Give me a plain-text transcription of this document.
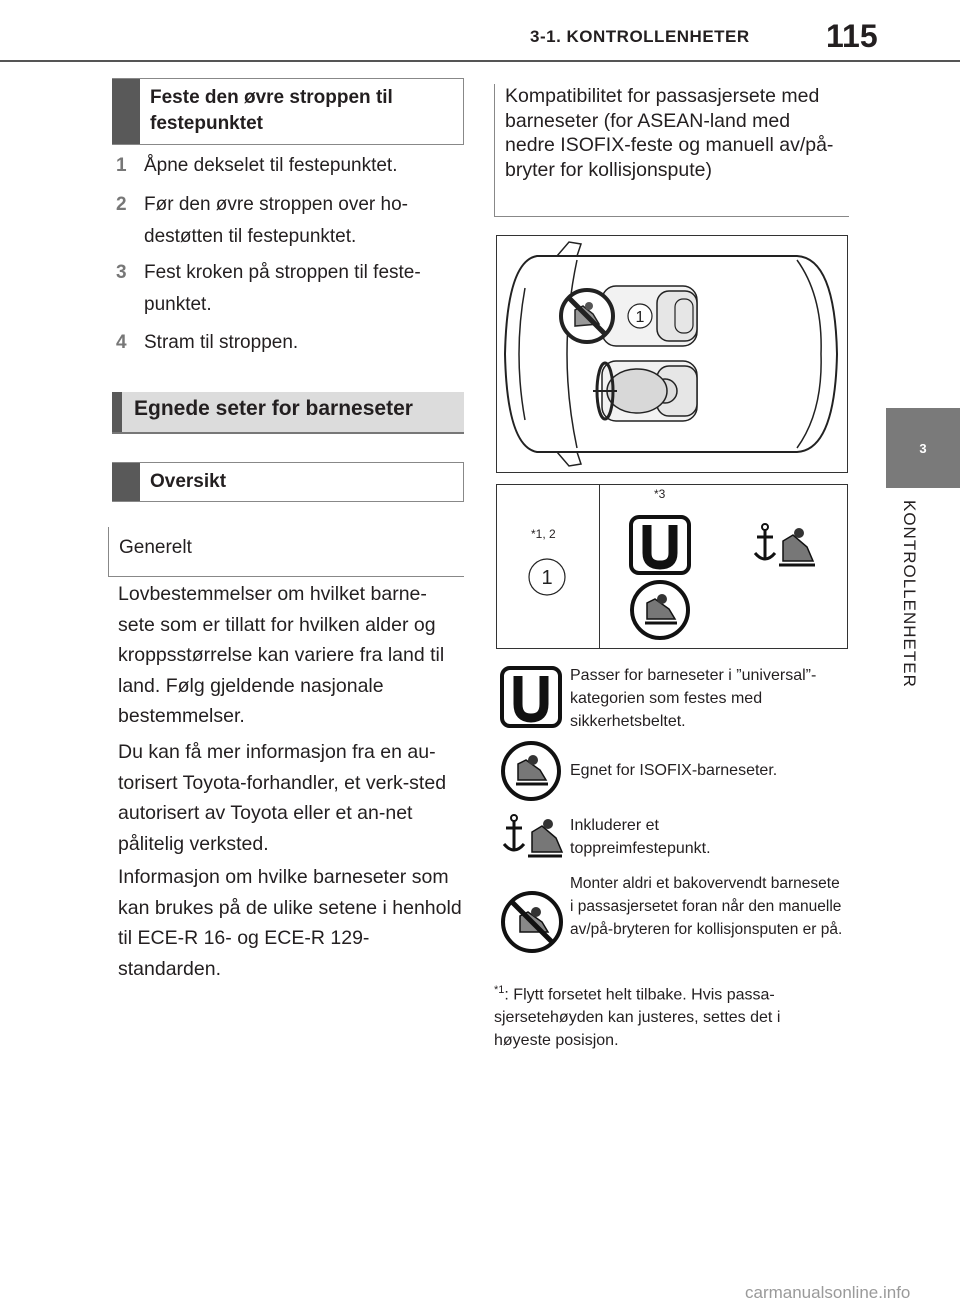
3-1. KONTROLLENHETER 115
3
KONTROLLENHETER
Feste den øvre stroppen til festepunktet
1 Åpne dekselet til festepunktet.
2 Før den øvre stroppen over ho-destøtten til festepunktet.
3 Fest kroken på stroppen til feste-punktet.
4 Stram til stroppen.
Egnede seter for barneseter
Oversikt
Generelt
Lovbestemmelser om hvilket barne-sete som er tillatt for hvilken alder og kroppsstørrelse kan variere fra land til land. Følg gjeldende nasjonale bestemmelser.
Du kan få mer informasjon fra en au-torisert Toyota-forhandler, et verk-sted autorisert av Toyota eller et an-net pålitelig verksted.
Informasjon om hvilke barneseter som kan brukes på de ulike setene i henhold til ECE-R 16- og ECE-R 129-standarden.
Kompatibilitet for passasjersete med barneseter (for ASEAN-land med nedre ISOFIX-feste og manuell av/på-bryter for kollisjonspute)
1
*1, 2
1
*3
Passer for barneseter i ”universal”-kategorien som festes med sikkerhetsbeltet.
Egnet for ISOFIX-barneseter.
Inkluderer et toppreimfestepunkt.
Monter aldri et bakovervendt barnesete i passasjersetet foran når den manuelle av/på-bryteren for kollisjonsputen er på.
$^{*1}$: Flytt forsetet helt tilbake. Hvis passa-sjersetehøyden kan justeres, settes det i høyeste posisjon.
carmanualsonline.info
